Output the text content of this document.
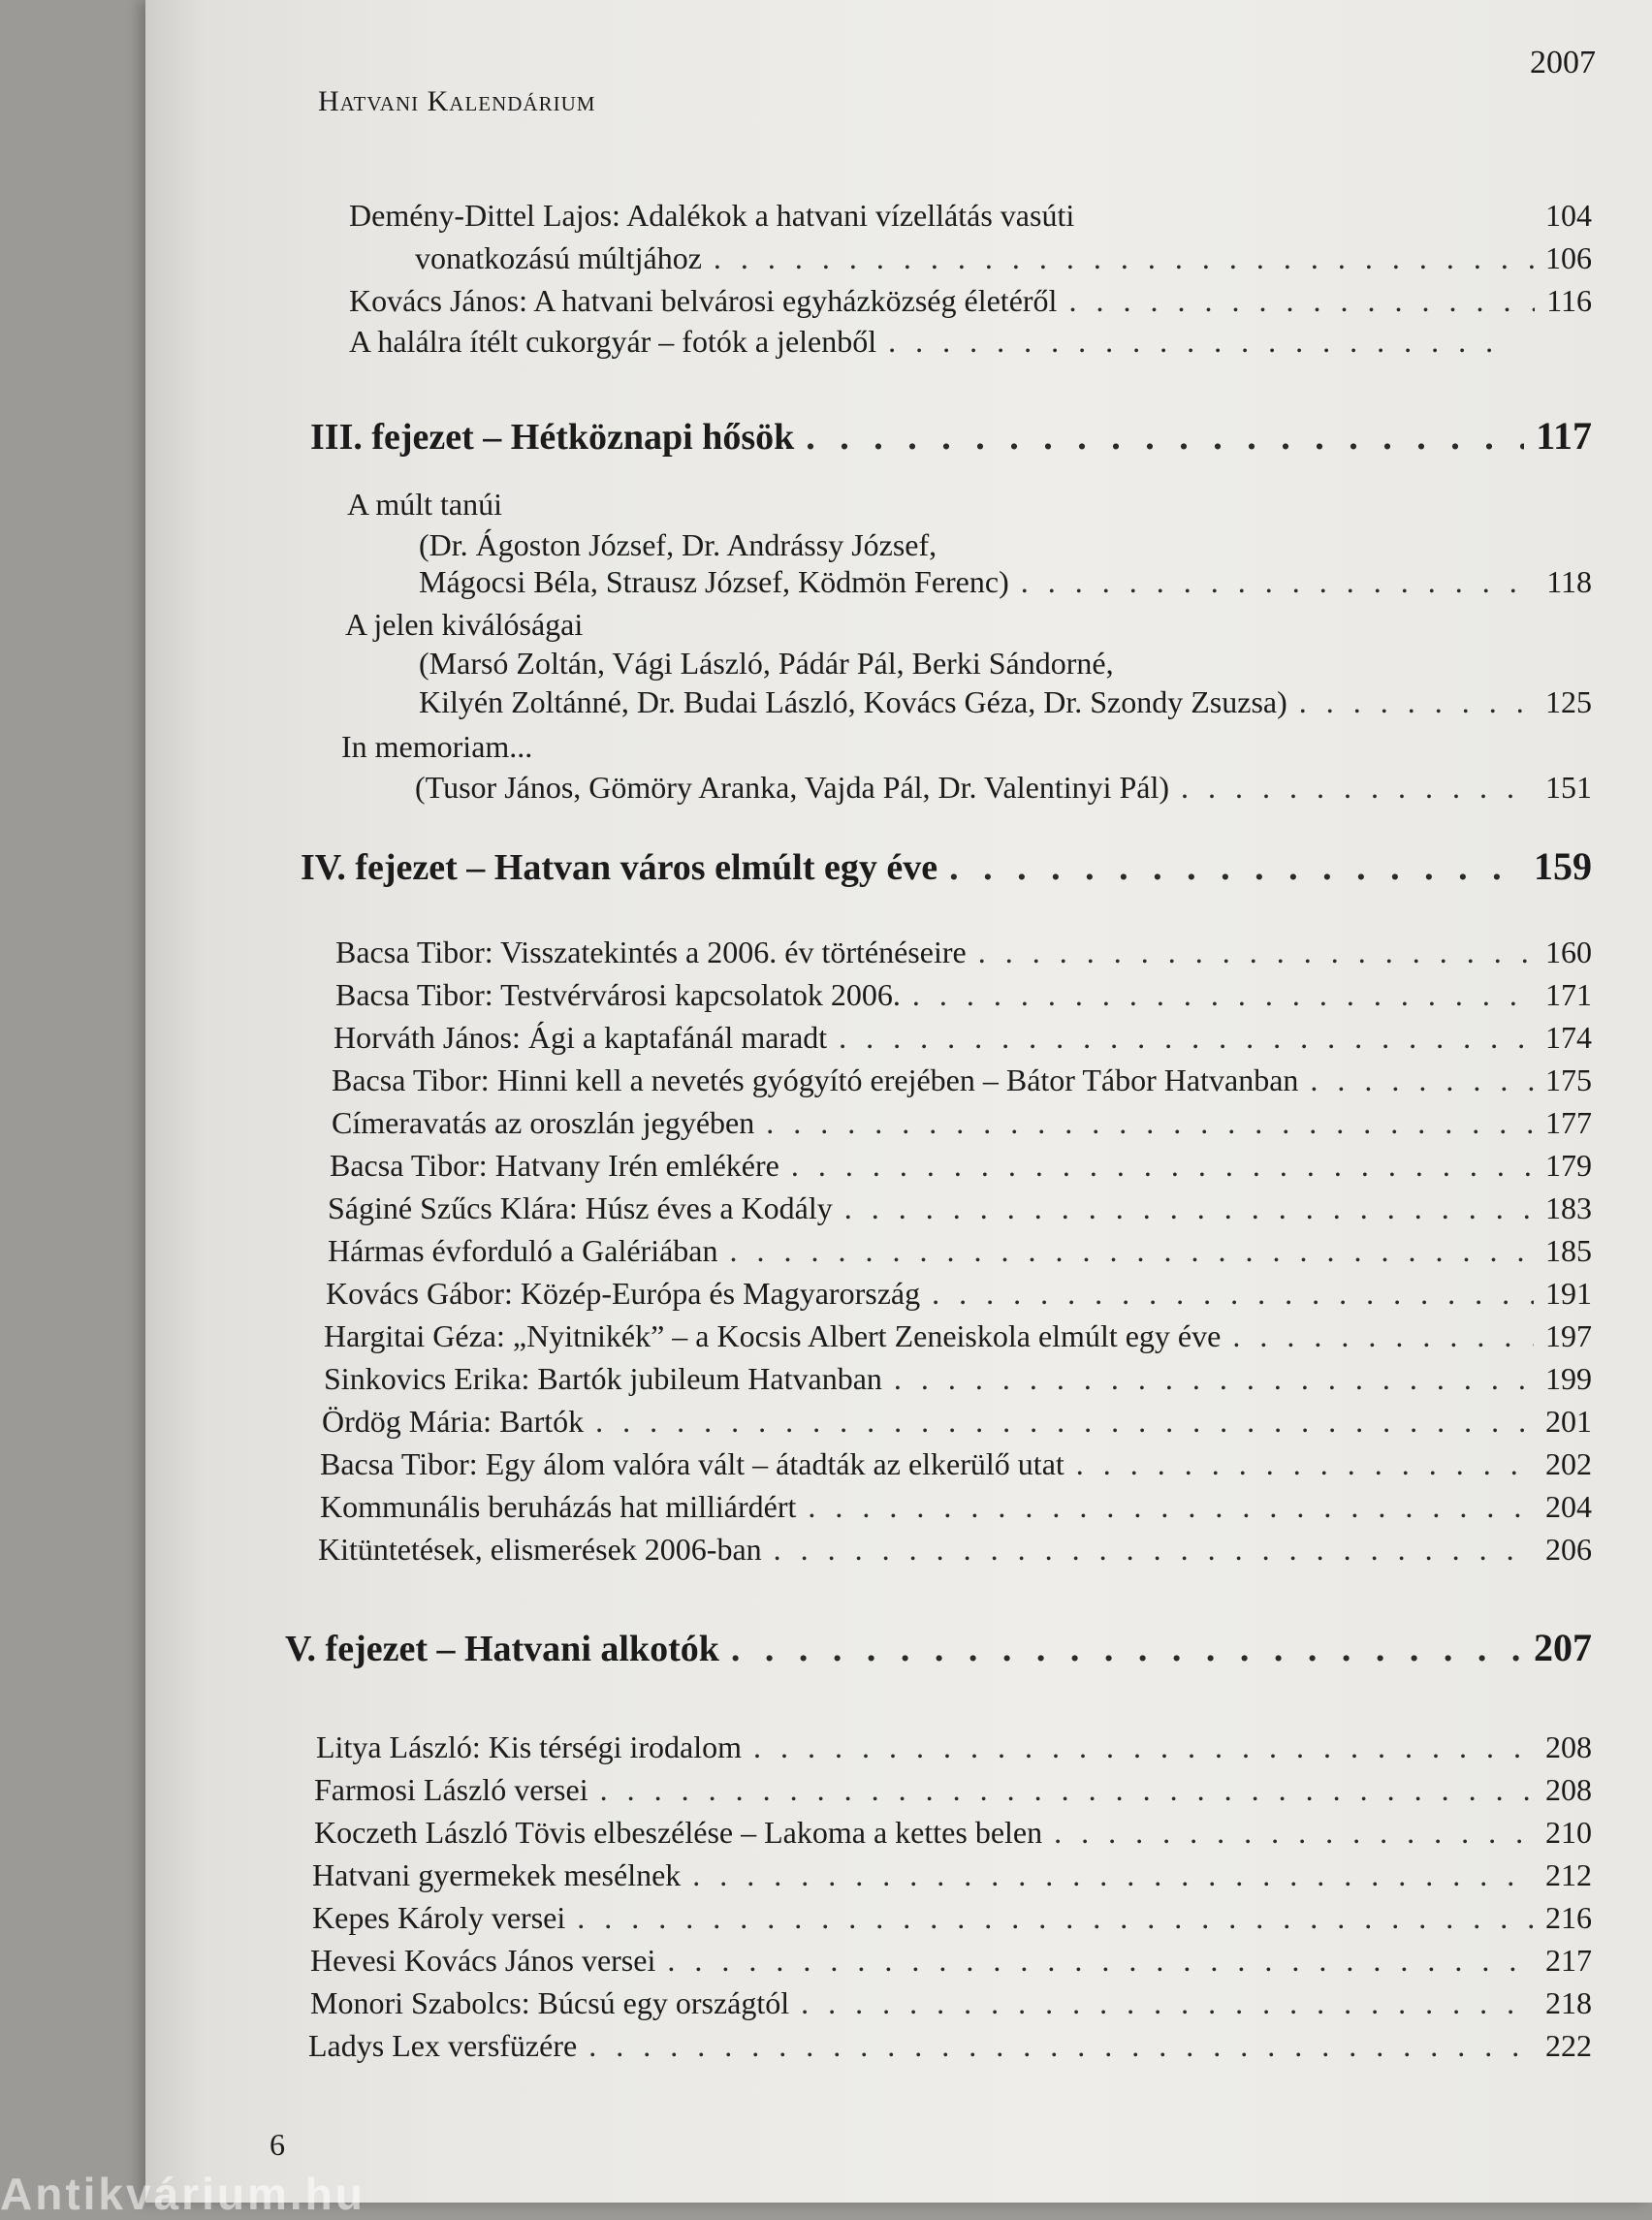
Hatvani Kalendárium
2007
Demény-Dittel Lajos: Adalékok a hatvani vízellátás vasúti	104
vonatkozású múltjához . . .	106
Kovács János: A hatvani belvárosi egyházközség életéről . . .	116
A halálra ítélt cukorgyár – fotók a jelenből
. . .
III. fejezet – Hétköznapi hősök . . .	117
A múlt tanúi
(Dr. Ágoston József, Dr. Andrássy József,
Mágocsi Béla, Strausz József, Ködmön Ferenc) . . .	118
A jelen kiválóságai
(Marsó Zoltán, Vági László, Pádár Pál, Berki Sándorné,
Kilyén Zoltánné, Dr. Budai László, Kovács Géza, Dr. Szondy Zsuzsa) . . .	125
In memoriam...
(Tusor János, Gömöry Aranka, Vajda Pál, Dr. Valentinyi Pál) . . .	151
IV. fejezet – Hatvan város elmúlt egy éve . . .	159
Bacsa Tibor: Visszatekintés a 2006. év történéseire . . .	160
Bacsa Tibor: Testvérvárosi kapcsolatok 2006. . . .	171
Horváth János: Ági a kaptafánál maradt . . .	174
Bacsa Tibor: Hinni kell a nevetés gyógyító erejében – Bátor Tábor Hatvanban . . .	175
Címeravatás az oroszlán jegyében . . .	177
Bacsa Tibor: Hatvany Irén emlékére . . .	179
Ságiné Szűcs Klára: Húsz éves a Kodály . . .	183
Hármas évforduló a Galériában . . .	185
Kovács Gábor: Közép-Európa és Magyarország . . .	191
Hargitai Géza: „Nyitnikék” – a Kocsis Albert Zeneiskola elmúlt egy éve . . .	197
Sinkovics Erika: Bartók jubileum Hatvanban . . .	199
Ördög Mária: Bartók . . .	201
Bacsa Tibor: Egy álom valóra vált – átadták az elkerülő utat . . .	202
Kommunális beruházás hat milliárdért . . .	204
Kitüntetések, elismerések 2006-ban . . .	206
V. fejezet – Hatvani alkotók . . .	207
Litya László: Kis térségi irodalom . . .	208
Farmosi László versei . . .	208
Koczeth László Tövis elbeszélése – Lakoma a kettes belen . . .	210
Hatvani gyermekek mesélnek . . .	212
Kepes Károly versei . . .	216
Hevesi Kovács János versei . . .	217
Monori Szabolcs: Búcsú egy országtól . . .	218
Ladys Lex versfüzére . . .	222
6
Antikvárium.hu
